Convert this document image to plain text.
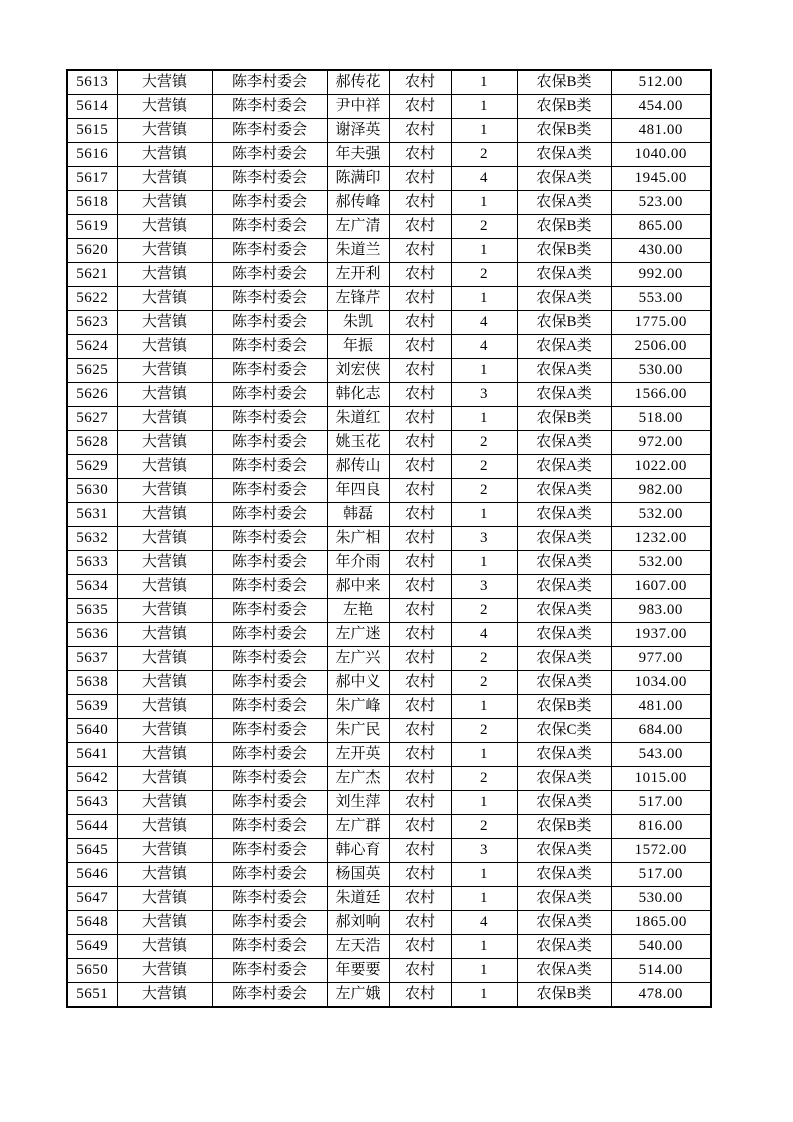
5613	大营镇	陈李村委会	郝传花	农村	1	农保B类	512.00
5614	大营镇	陈李村委会	尹中祥	农村	1	农保B类	454.00
5615	大营镇	陈李村委会	谢泽英	农村	1	农保B类	481.00
5616	大营镇	陈李村委会	年夫强	农村	2	农保A类	1040.00
5617	大营镇	陈李村委会	陈满印	农村	4	农保A类	1945.00
5618	大营镇	陈李村委会	郝传峰	农村	1	农保A类	523.00
5619	大营镇	陈李村委会	左广清	农村	2	农保B类	865.00
5620	大营镇	陈李村委会	朱道兰	农村	1	农保B类	430.00
5621	大营镇	陈李村委会	左开利	农村	2	农保A类	992.00
5622	大营镇	陈李村委会	左锋芹	农村	1	农保A类	553.00
5623	大营镇	陈李村委会	朱凯	农村	4	农保B类	1775.00
5624	大营镇	陈李村委会	年振	农村	4	农保A类	2506.00
5625	大营镇	陈李村委会	刘宏侠	农村	1	农保A类	530.00
5626	大营镇	陈李村委会	韩化志	农村	3	农保A类	1566.00
5627	大营镇	陈李村委会	朱道红	农村	1	农保B类	518.00
5628	大营镇	陈李村委会	姚玉花	农村	2	农保A类	972.00
5629	大营镇	陈李村委会	郝传山	农村	2	农保A类	1022.00
5630	大营镇	陈李村委会	年四良	农村	2	农保A类	982.00
5631	大营镇	陈李村委会	韩磊	农村	1	农保A类	532.00
5632	大营镇	陈李村委会	朱广相	农村	3	农保A类	1232.00
5633	大营镇	陈李村委会	年介雨	农村	1	农保A类	532.00
5634	大营镇	陈李村委会	郝中来	农村	3	农保A类	1607.00
5635	大营镇	陈李村委会	左艳	农村	2	农保A类	983.00
5636	大营镇	陈李村委会	左广迷	农村	4	农保A类	1937.00
5637	大营镇	陈李村委会	左广兴	农村	2	农保A类	977.00
5638	大营镇	陈李村委会	郝中义	农村	2	农保A类	1034.00
5639	大营镇	陈李村委会	朱广峰	农村	1	农保B类	481.00
5640	大营镇	陈李村委会	朱广民	农村	2	农保C类	684.00
5641	大营镇	陈李村委会	左开英	农村	1	农保A类	543.00
5642	大营镇	陈李村委会	左广杰	农村	2	农保A类	1015.00
5643	大营镇	陈李村委会	刘生萍	农村	1	农保A类	517.00
5644	大营镇	陈李村委会	左广群	农村	2	农保B类	816.00
5645	大营镇	陈李村委会	韩心育	农村	3	农保A类	1572.00
5646	大营镇	陈李村委会	杨国英	农村	1	农保A类	517.00
5647	大营镇	陈李村委会	朱道廷	农村	1	农保A类	530.00
5648	大营镇	陈李村委会	郝刘响	农村	4	农保A类	1865.00
5649	大营镇	陈李村委会	左天浩	农村	1	农保A类	540.00
5650	大营镇	陈李村委会	年要要	农村	1	农保A类	514.00
5651	大营镇	陈李村委会	左广娥	农村	1	农保B类	478.00
